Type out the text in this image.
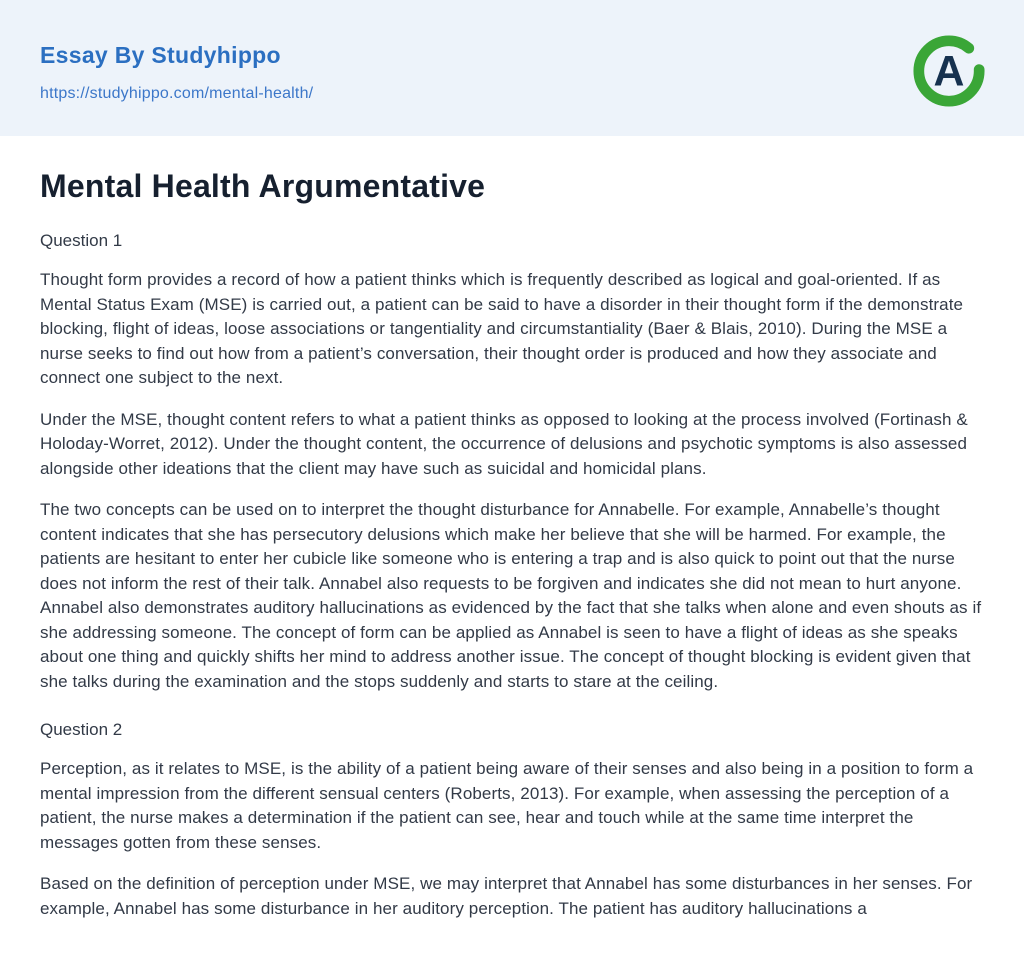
Essay By Studyhippo
https://studyhippo.com/mental-health/	A
Mental Health Argumentative
Question 1

Thought form provides a record of how a patient thinks which is frequently described as logical and goal-oriented. If as Mental Status Exam (MSE) is carried out, a patient can be said to have a disorder in their thought form if the demonstrate blocking, flight of ideas, loose associations or tangentiality and circumstantiality (Baer & Blais, 2010). During the MSE a nurse seeks to find out how from a patient’s conversation, their thought order is produced and how they associate and connect one subject to the next.

Under the MSE, thought content refers to what a patient thinks as opposed to looking at the process involved (Fortinash & Holoday-Worret, 2012). Under the thought content, the occurrence of delusions and psychotic symptoms is also assessed alongside other ideations that the client may have such as suicidal and homicidal plans.

The two concepts can be used on to interpret the thought disturbance for Annabelle. For example, Annabelle’s thought content indicates that she has persecutory delusions which make her believe that she will be harmed. For example, the patients are hesitant to enter her cubicle like someone who is entering a trap and is also quick to point out that the nurse does not inform the rest of their talk. Annabel also requests to be forgiven and indicates she did not mean to hurt anyone. Annabel also demonstrates auditory hallucinations as evidenced by the fact that she talks when alone and even shouts as if she addressing someone. The concept of form can be applied as Annabel is seen to have a flight of ideas as she speaks about one thing and quickly shifts her mind to address another issue. The concept of thought blocking is evident given that she talks during the examination and the stops suddenly and starts to stare at the ceiling.

Question 2

Perception, as it relates to MSE, is the ability of a patient being aware of their senses and also being in a position to form a mental impression from the different sensual centers (Roberts, 2013). For example, when assessing the perception of a patient, the nurse makes a determination if the patient can see, hear and touch while at the same time interpret the messages gotten from these senses.

Based on the definition of perception under MSE, we may interpret that Annabel has some disturbances in her senses. For example, Annabel has some disturbance in her auditory perception. The patient has auditory hallucinations a
